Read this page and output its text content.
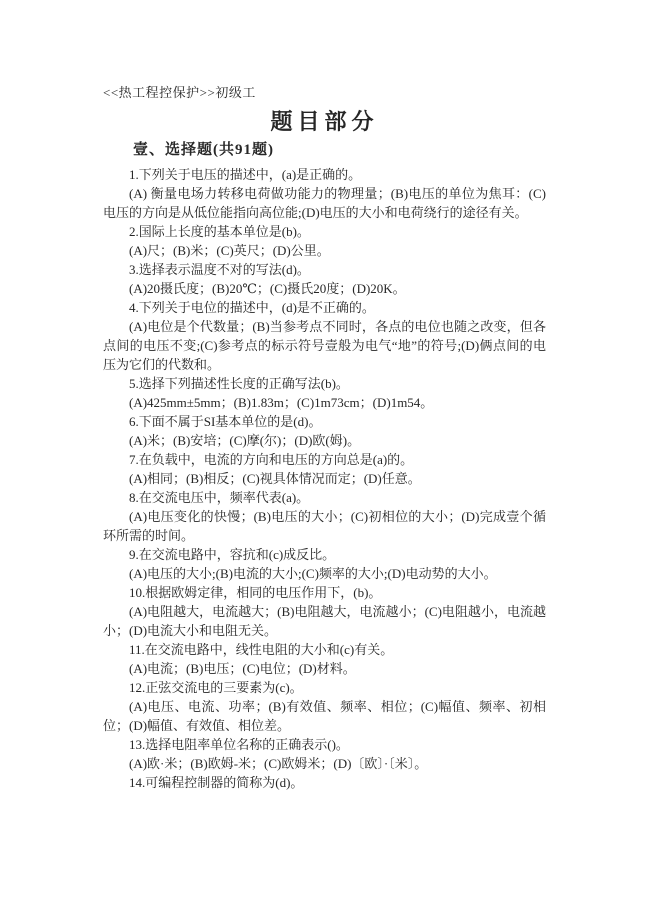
<<热工程控保护>>初级工
题目部分
壹、选择题(共91题)

1.下列关于电压的描述中，(a)是正确的。

(A) 衡量电场力转移电荷做功能力的物理量；(B)电压的单位为焦耳：(C)电压的方向是从低位能指向高位能;(D)电压的大小和电荷绕行的途径有关。

2.国际上长度的基本单位是(b)。

(A)尺；(B)米；(C)英尺；(D)公里。

3.选择表示温度不对的写法(d)。

(A)20摄氏度；(B)20℃；(C)摄氏20度；(D)20K。

4.下列关于电位的描述中，(d)是不正确的。

(A)电位是个代数量；(B)当参考点不同时，各点的电位也随之改变，但各点间的电压不变;(C)参考点的标示符号壹般为电气“地”的符号;(D)俩点间的电压为它们的代数和。

5.选择下列描述性长度的正确写法(b)。

(A)425mm±5mm；(B)1.83m；(C)1m73cm；(D)1m54。

6.下面不属于SI基本单位的是(d)。

(A)米；(B)安培；(C)摩(尔)；(D)欧(姆)。

7.在负载中，电流的方向和电压的方向总是(a)的。

(A)相同；(B)相反；(C)视具体情况而定；(D)任意。

8.在交流电压中，频率代表(a)。

(A)电压变化的快慢；(B)电压的大小；(C)初相位的大小；(D)完成壹个循环所需的时间。

9.在交流电路中，容抗和(c)成反比。

(A)电压的大小;(B)电流的大小;(C)频率的大小;(D)电动势的大小。

10.根据欧姆定律，相同的电压作用下，(b)。

(A)电阻越大，电流越大；(B)电阻越大，电流越小；(C)电阻越小，电流越小；(D)电流大小和电阻无关。

11.在交流电路中，线性电阻的大小和(c)有关。

(A)电流；(B)电压；(C)电位；(D)材料。

12.正弦交流电的三要素为(c)。

(A)电压、电流、功率；(B)有效值、频率、相位；(C)幅值、频率、初相位；(D)幅值、有效值、相位差。

13.选择电阻率单位名称的正确表示()。

(A)欧·米；(B)欧姆-米；(C)欧姆米；(D)〔欧〕·〔米〕。

14.可编程控制器的简称为(d)。
